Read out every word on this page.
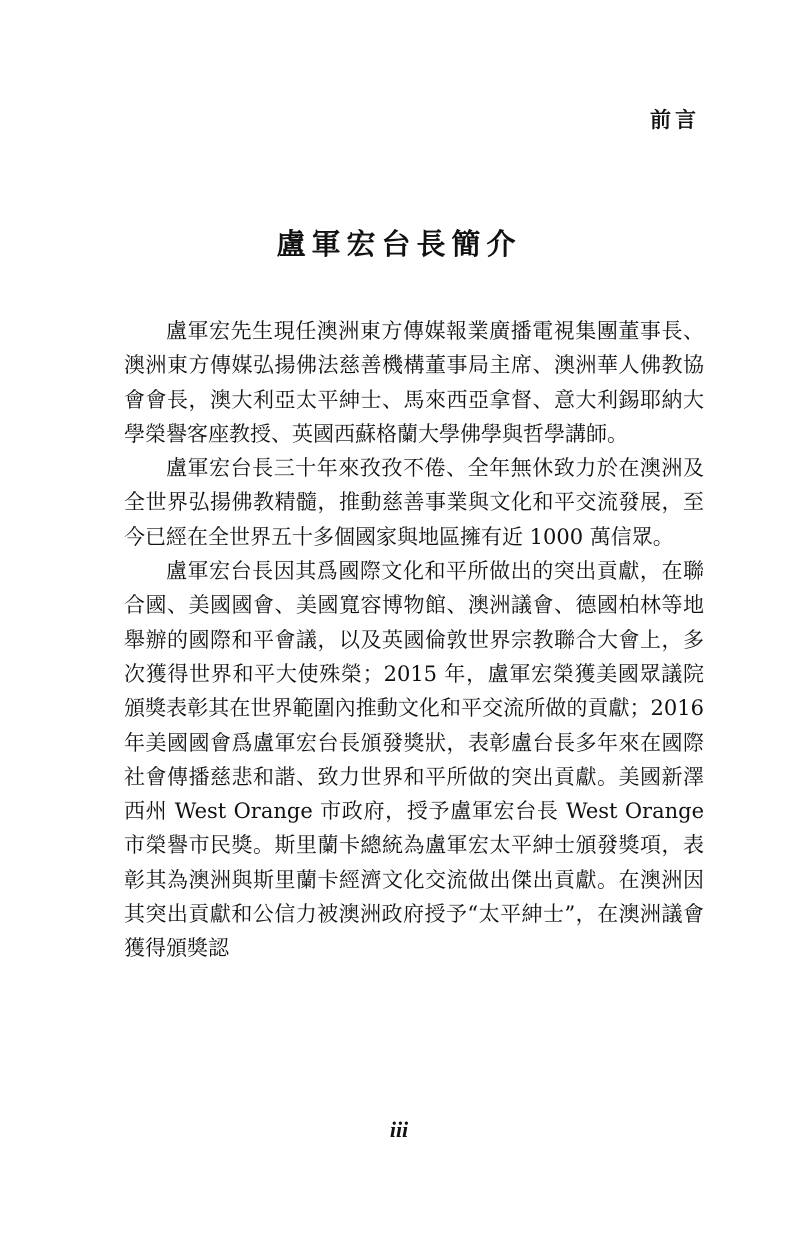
前言
盧軍宏台長簡介

盧軍宏先生現任澳洲東方傳媒報業廣播電視集團董事長、澳洲東方傳媒弘揚佛法慈善機構董事局主席、澳洲華人佛教協會會長，澳大利亞太平紳士、馬來西亞拿督、意大利錫耶納大學榮譽客座教授、英國西蘇格蘭大學佛學與哲學講師。

盧軍宏台長三十年來孜孜不倦、全年無休致力於在澳洲及全世界弘揚佛教精髓，推動慈善事業與文化和平交流發展，至今已經在全世界五十多個國家與地區擁有近 1000 萬信眾。

盧軍宏台長因其爲國際文化和平所做出的突出貢獻，在聯合國、美國國會、美國寬容博物館、澳洲議會、德國柏林等地舉辦的國際和平會議，以及英國倫敦世界宗教聯合大會上，多次獲得世界和平大使殊榮；2015 年，盧軍宏榮獲美國眾議院頒獎表彰其在世界範圍內推動文化和平交流所做的貢獻；2016 年美國國會爲盧軍宏台長頒發獎狀，表彰盧台長多年來在國際社會傳播慈悲和諧、致力世界和平所做的突出貢獻。美國新澤西州 West Orange 市政府，授予盧軍宏台長 West Orange 市榮譽市民獎。斯里蘭卡總統為盧軍宏太平紳士頒發獎項，表彰其為澳洲與斯里蘭卡經濟文化交流做出傑出貢獻。在澳洲因其突出貢獻和公信力被澳洲政府授予“太平紳士”，在澳洲議會獲得頒獎認

iii
